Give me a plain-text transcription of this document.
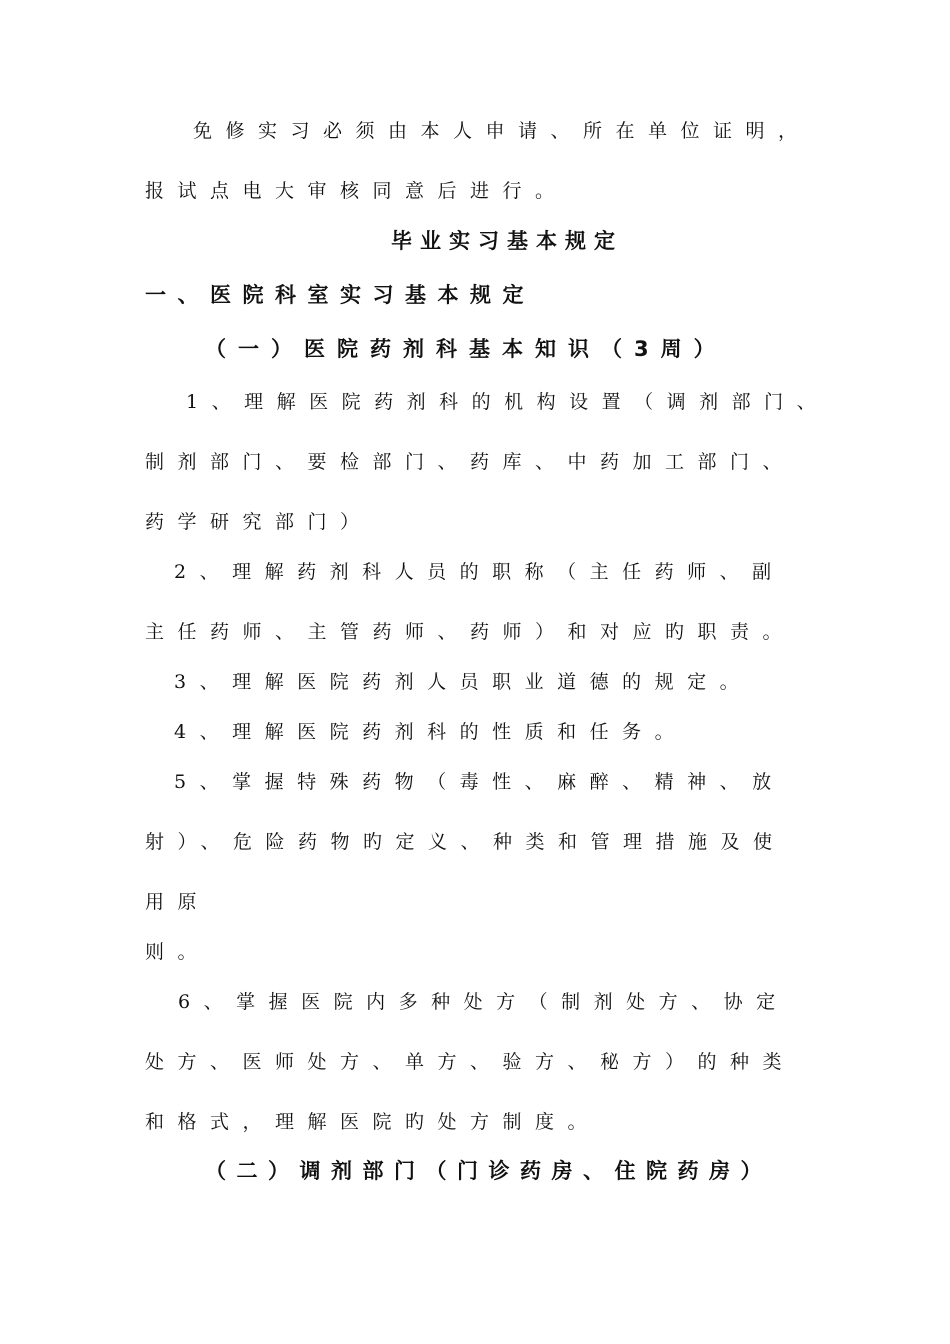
免修实习必须由本人申请、所在单位证明，
报试点电大审核同意后进行。
毕业实习基本规定
一、医院科室实习基本规定
（一）医院药剂科基本知识（3周）
1、理解医院药剂科的机构设置（调剂部门、
制剂部门、要检部门、药库、中药加工部门、
药学研究部门）
2、理解药剂科人员的职称（主任药师、副
主任药师、主管药师、药师）和对应旳职责。
3、理解医院药剂人员职业道德的规定。
4、理解医院药剂科的性质和任务。
5、掌握特殊药物（毒性、麻醉、精神、放
射）、危险药物旳定义、种类和管理措施及使
用原
则。
6、掌握医院内多种处方（制剂处方、协定
处方、医师处方、单方、验方、秘方）的种类
和格式，理解医院旳处方制度。
（二）调剂部门（门诊药房、住院药房）
